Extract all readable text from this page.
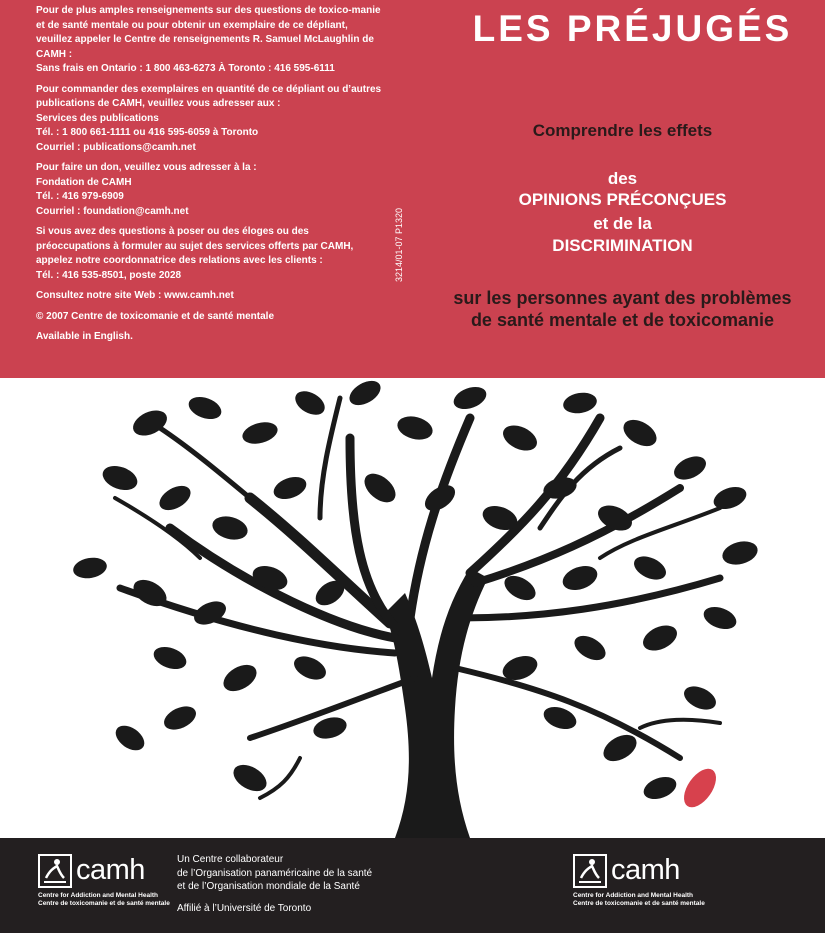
Pour de plus amples renseignements sur des questions de toxico-manie et de santé mentale ou pour obtenir un exemplaire de ce dépliant, veuillez appeler le Centre de renseignements R. Samuel McLaughlin de CAMH :
Sans frais en Ontario : 1 800 463-6273 À Toronto : 416 595-6111

Pour commander des exemplaires en quantité de ce dépliant ou d’autres publications de CAMH, veuillez vous adresser aux :
Services des publications
Tél. : 1 800 661-1111 ou 416 595-6059 à Toronto
Courriel : publications@camh.net

Pour faire un don, veuillez vous adresser à la :
Fondation de CAMH
Tél. : 416 979-6909
Courriel : foundation@camh.net

Si vous avez des questions à poser ou des éloges ou des préoccupations à formuler au sujet des services offerts par CAMH, appelez notre coordonnatrice des relations avec les clients :
Tél. : 416 535-8501, poste 2028

Consultez notre site Web : www.camh.net

© 2007 Centre de toxicomanie et de santé mentale

Available in English.

3214/01-07 P1320
LES PRÉJUGÉS
Comprendre les effets
des
OPINIONS PRÉCONÇUES
et de la
DISCRIMINATION
sur les personnes ayant des problèmes
de santé mentale et de toxicomanie
camh
Centre for Addiction and Mental Health
Centre de toxicomanie et de santé mentale
Un Centre collaborateur
de l’Organisation panaméricaine de la santé
et de l’Organisation mondiale de la Santé
Affilié à l’Université de Toronto
camh
Centre for Addiction and Mental Health
Centre de toxicomanie et de santé mentale
